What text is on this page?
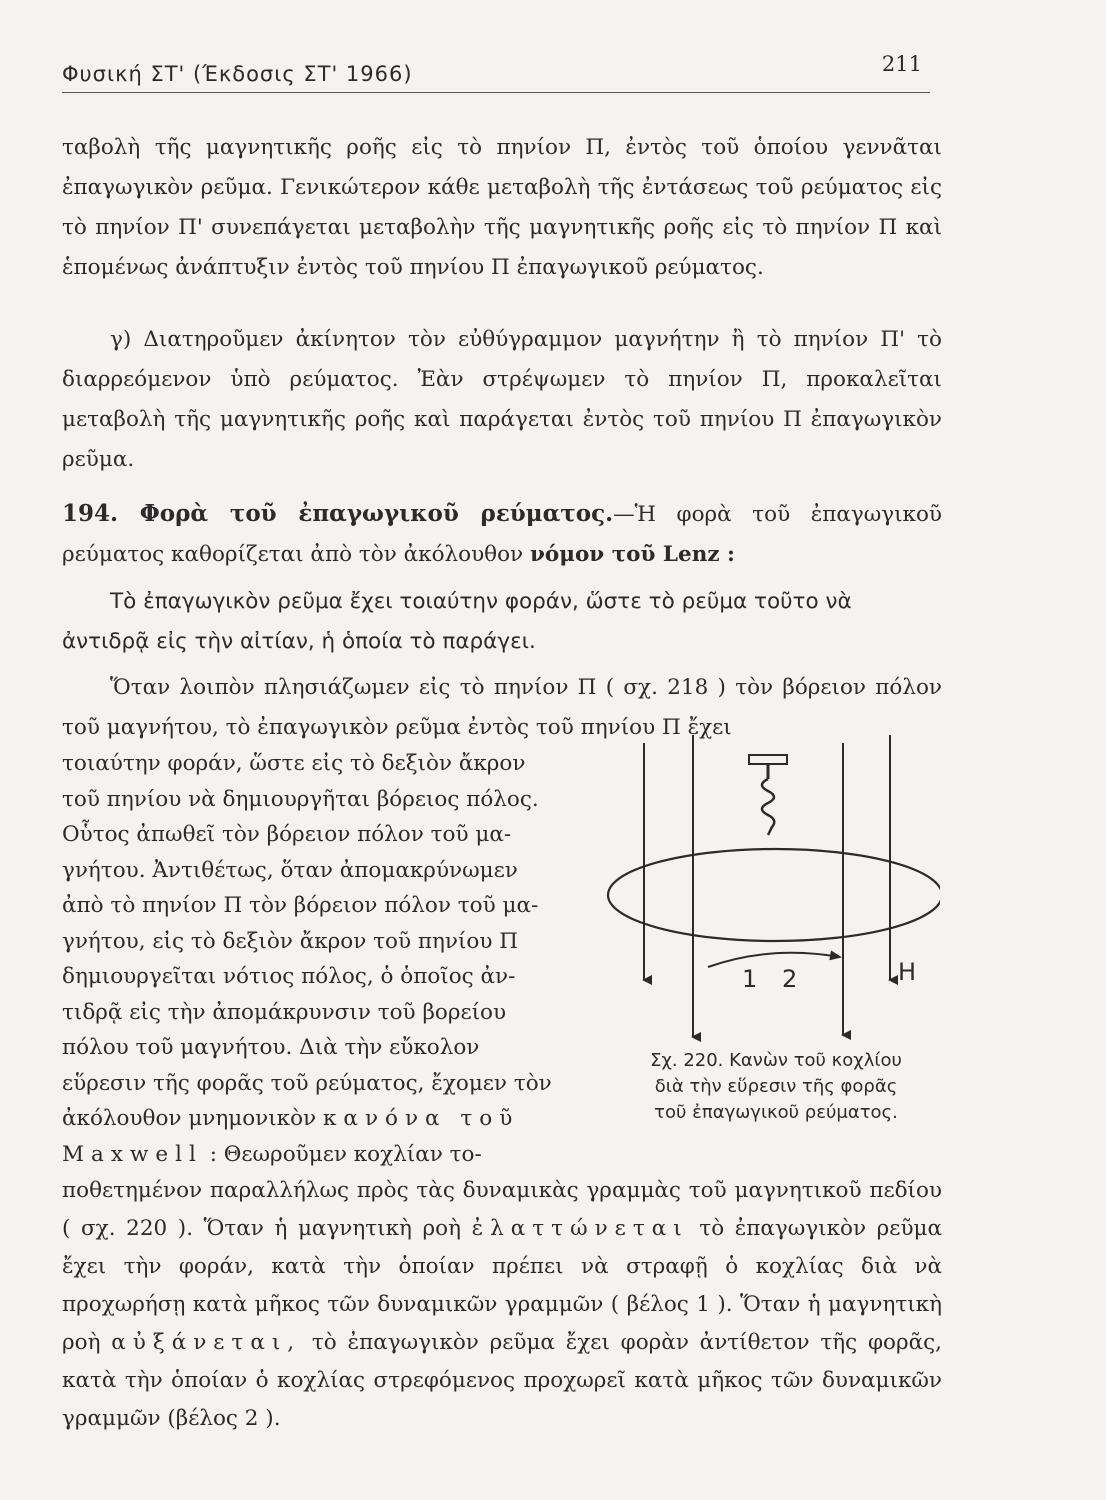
Φυσική ΣΤ' (Έκδοσις ΣΤ' 1966)	211

ταβολὴ τῆς μαγνητικῆς ροῆς εἰς τὸ πηνίον Π, ἐντὸς τοῦ ὁποίου γεννᾶται ἐπαγωγικὸν ρεῦμα. Γενικώτερον κάθε μεταβολὴ τῆς ἐντάσεως τοῦ ρεύματος εἰς τὸ πηνίον Π' συνεπάγεται μεταβολὴν τῆς μαγνητικῆς ροῆς εἰς τὸ πηνίον Π καὶ ἑπομένως ἀνάπτυξιν ἐντὸς τοῦ πηνίου Π ἐπαγωγικοῦ ρεύματος.

γ) Διατηροῦμεν ἀκίνητον τὸν εὐθύγραμμον μαγνήτην ἢ τὸ πηνίον Π' τὸ διαρρεόμενον ὑπὸ ρεύματος. Ἐὰν στρέψωμεν τὸ πηνίον Π, προκαλεῖται μεταβολὴ τῆς μαγνητικῆς ροῆς καὶ παράγεται ἐντὸς τοῦ πηνίου Π ἐπαγωγικὸν ρεῦμα.

194. Φορὰ τοῦ ἐπαγωγικοῦ ρεύματος.—Ἡ φορὰ τοῦ ἐπαγωγικοῦ ρεύματος καθορίζεται ἀπὸ τὸν ἀκόλουθον νόμον τοῦ Lenz :

Τὸ ἐπαγωγικὸν ρεῦμα ἔχει τοιαύτην φοράν, ὥστε τὸ ρεῦμα τοῦτο νὰ ἀντιδρᾷ εἰς τὴν αἰτίαν, ἡ ὁποία τὸ παράγει.

Ὅταν λοιπὸν πλησιάζωμεν εἰς τὸ πηνίον Π ( σχ. 218 ) τὸν βόρειον πόλον τοῦ μαγνήτου, τὸ ἐπαγωγικὸν ρεῦμα ἐντὸς τοῦ πηνίου Π ἔχει

τοιαύτην φοράν, ὥστε εἰς τὸ δεξιὸν ἄκρον
τοῦ πηνίου νὰ δημιουργῆται βόρειος πόλος.
Οὗτος ἀπωθεῖ τὸν βόρειον πόλον τοῦ μα-
γνήτου. Ἀντιθέτως, ὅταν ἀπομακρύνωμεν
ἀπὸ τὸ πηνίον Π τὸν βόρειον πόλον τοῦ μα-
γνήτου, εἰς τὸ δεξιὸν ἄκρον τοῦ πηνίου Π
δημιουργεῖται νότιος πόλος, ὁ ὁποῖος ἀν-
τιδρᾷ εἰς τὴν ἀπομάκρυνσιν τοῦ βορείου
πόλου τοῦ μαγνήτου. Διὰ τὴν εὔκολον
εὕρεσιν τῆς φορᾶς τοῦ ρεύματος, ἔχομεν τὸν
ἀκόλουθον μνημονικὸν κανόνα τοῦ
Maxwell : Θεωροῦμεν κοχλίαν το-

ποθετημένον παραλλήλως πρὸς τὰς δυναμικὰς γραμμὰς τοῦ μαγνητικοῦ πεδίου ( σχ. 220 ). Ὅταν ἡ μαγνητικὴ ροὴ ἐλαττώνεται τὸ ἐπαγωγικὸν ρεῦμα ἔχει τὴν φοράν, κατὰ τὴν ὁποίαν πρέπει νὰ στραφῇ ὁ κοχλίας διὰ νὰ προχωρήσῃ κατὰ μῆκος τῶν δυναμικῶν γραμμῶν ( βέλος 1 ). Ὅταν ἡ μαγνητικὴ ροὴ αὐξάνεται, τὸ ἐπαγωγικὸν ρεῦμα ἔχει φορὰν ἀντίθετον τῆς φορᾶς, κατὰ τὴν ὁποίαν ὁ κοχλίας στρεφόμενος προχωρεῖ κατὰ μῆκος τῶν δυναμικῶν γραμμῶν (βέλος 2 ).

1 2	H
Σχ. 220. Κανὼν τοῦ κοχλίου
διὰ τὴν εὕρεσιν τῆς φορᾶς
τοῦ ἐπαγωγικοῦ ρεύματος.
